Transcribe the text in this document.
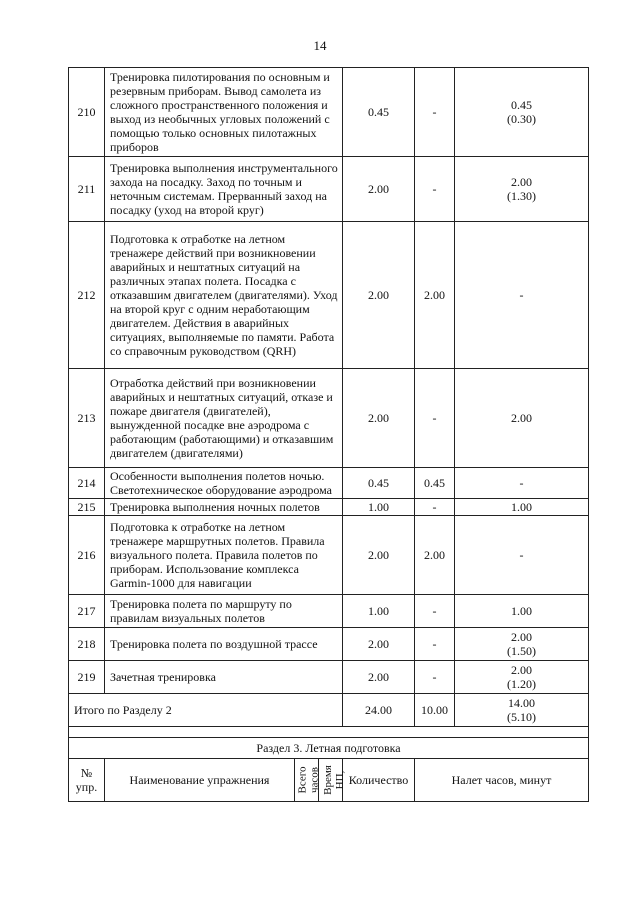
14
210	Тренировка пилотирования по основным и резервным приборам. Вывод самолета из сложного пространственного положения и выход из необычных угловых положений с помощью только основных пилотажных приборов			0.45	-	0.45
(0.30)

211	Тренировка выполнения инструментального захода на посадку. Заход по точным и неточным системам. Прерванный заход на посадку (уход на второй круг)			2.00	-	2.00
(1.30)

212	Подготовка к отработке на летном тренажере действий при возникновении аварийных и нештатных ситуаций на различных этапах полета. Посадка с отказавшим двигателем (двигателями). Уход на второй круг с одним неработающим двигателем. Действия в аварийных ситуациях, выполняемые по памяти. Работа со справочным руководством (QRH)			2.00	2.00	-

213	Отработка действий при возникновении аварийных и нештатных ситуаций, отказе и пожаре двигателя (двигателей), вынужденной посадке вне аэродрома с работающим (работающими) и отказавшим двигателем (двигателями)			2.00	-	2.00

214	Особенности выполнения полетов ночью. Светотехническое оборудование аэродрома			0.45	0.45	-

215	Тренировка выполнения ночных полетов			1.00	-	1.00

216	Подготовка к отработке на летном тренажере маршрутных полетов. Правила визуального полета. Правила полетов по приборам. Использование комплекса Garmin-1000 для навигации			2.00	2.00	-

217	Тренировка полета по маршруту по правилам визуальных полетов			1.00	-	1.00

218	Тренировка полета по воздушной трассе			2.00	-	2.00
(1.50)

219	Зачетная тренировка			2.00	-	2.00
(1.20)

Итого по Разделу 2				24.00	10.00	14.00
(5.10)

Раздел 3. Летная подготовка						

№
упр.	Наименование упражнения	Всего часов	Время НП,	Количество	Налет часов, минут	
